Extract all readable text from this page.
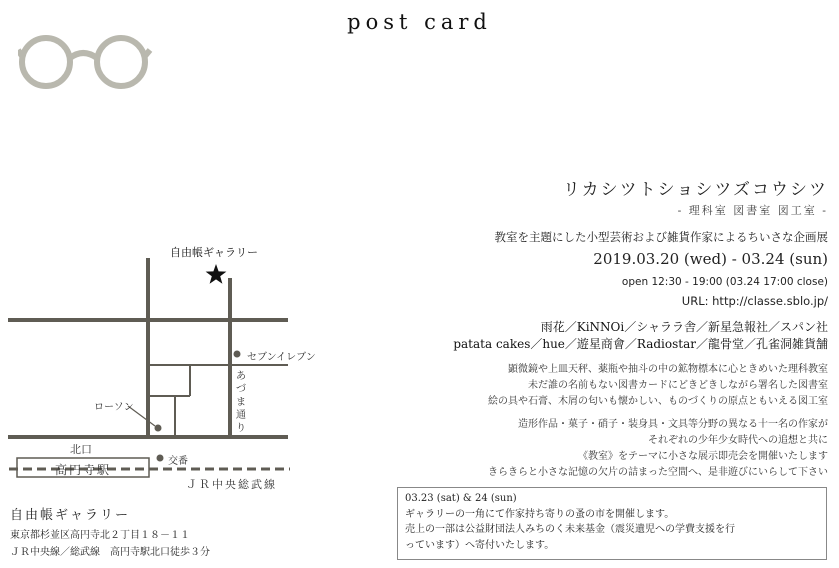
post card
自由帳ギャラリー
セブンイレブン
あづま通り
ローソン
北口
高円寺駅
交番
ＪＲ中央総武線
リカシツトショシツズコウシツ
- 理科室 図書室 図工室 -
教室を主題にした小型芸術および雑貨作家によるちいさな企画展
2019.03.20 (wed) - 03.24 (sun)
open 12:30 - 19:00 (03.24 17:00 close)
URL: http://classe.sblo.jp/
雨花／KiNNOi／シャララ舎／新星急報社／スパン社
patata cakes／hue／遊星商會／Radiostar／龍骨堂／孔雀洞雑貨舗
顕微鏡や上皿天秤、薬瓶や抽斗の中の鉱物標本に心ときめいた理科教室
未だ誰の名前もない図書カードにどきどきしながら署名した図書室
絵の具や石膏、木屑の匂いも懐かしい、ものづくりの原点ともいえる図工室
造形作品・菓子・硝子・装身具・文具等分野の異なる十一名の作家が
それぞれの少年少女時代への追想と共に
《教室》をテーマに小さな展示即売会を開催いたします
きらきらと小さな記憶の欠片の詰まった空間へ、是非遊びにいらして下さい
03.23 (sat) & 24 (sun)
ギャラリーの一角にて作家持ち寄りの蚤の市を開催します。
売上の一部は公益財団法人みちのく未来基金（震災遺児への学費支援を行
っています）へ寄付いたします。
自由帳ギャラリー
東京都杉並区高円寺北２丁目１８－１１
ＪＲ中央線／総武線　高円寺駅北口徒歩３分
